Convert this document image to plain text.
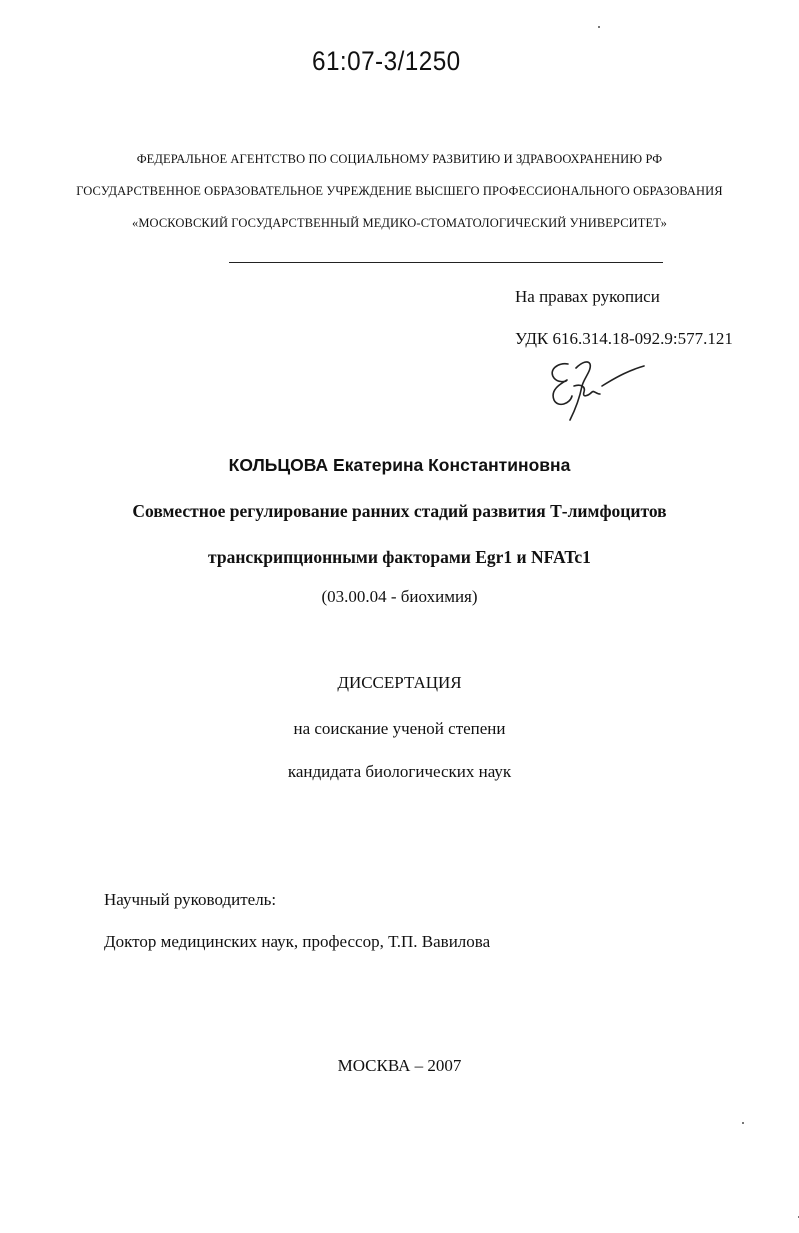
61:07-3/1250
ФЕДЕРАЛЬНОЕ АГЕНТСТВО ПО СОЦИАЛЬНОМУ РАЗВИТИЮ И ЗДРАВООХРАНЕНИЮ РФ
ГОСУДАРСТВЕННОЕ ОБРАЗОВАТЕЛЬНОЕ УЧРЕЖДЕНИЕ ВЫСШЕГО ПРОФЕССИОНАЛЬНОГО ОБРАЗОВАНИЯ
«МОСКОВСКИЙ ГОСУДАРСТВЕННЫЙ МЕДИКО-СТОМАТОЛОГИЧЕСКИЙ УНИВЕРСИТЕТ»
На правах рукописи
УДК 616.314.18-092.9:577.121
КОЛЬЦОВА Екатерина Константиновна
Совместное регулирование ранних стадий развития Т-лимфоцитов
транскрипционными факторами Egr1 и NFATc1
(03.00.04 - биохимия)
ДИССЕРТАЦИЯ
на соискание ученой степени
кандидата биологических наук
Научный руководитель:
Доктор медицинских наук, профессор, Т.П. Вавилова
МОСКВА – 2007
